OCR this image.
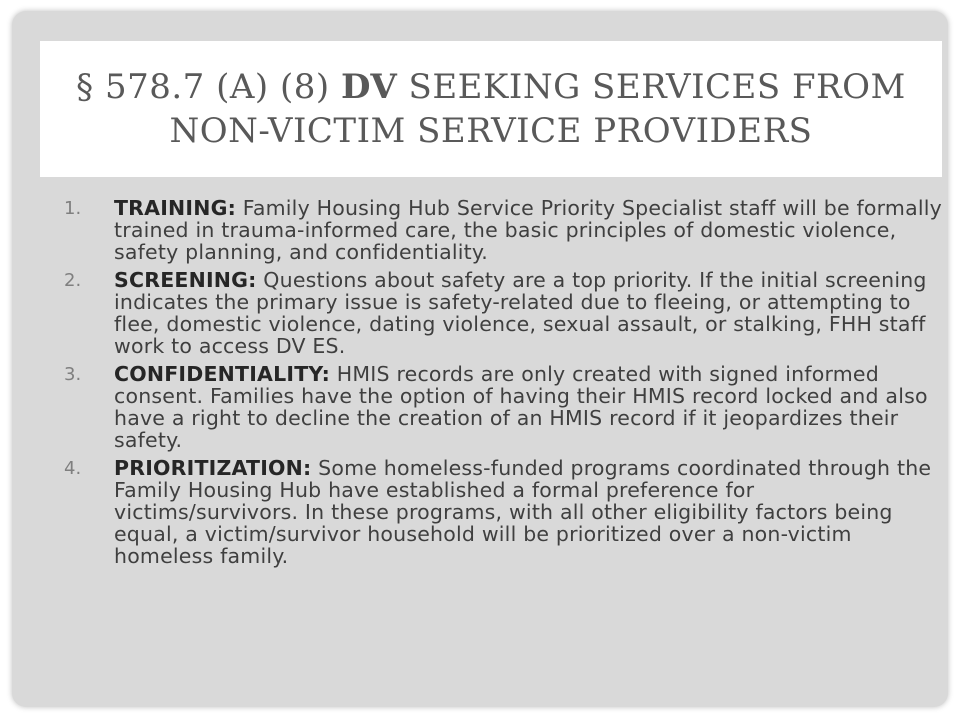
§ 578.7 (A) (8) DV SEEKING SERVICES FROM
NON-VICTIM SERVICE PROVIDERS
1. TRAINING: Family Housing Hub Service Priority Specialist staff will be formally trained in trauma-informed care, the basic principles of domestic violence, safety planning, and confidentiality.
2. SCREENING: Questions about safety are a top priority. If the initial screening indicates the primary issue is safety-related due to fleeing, or attempting to flee, domestic violence, dating violence, sexual assault, or stalking, FHH staff work to access DV ES.
3. CONFIDENTIALITY: HMIS records are only created with signed informed consent. Families have the option of having their HMIS record locked and also have a right to decline the creation of an HMIS record if it jeopardizes their safety.
4. PRIORITIZATION: Some homeless-funded programs coordinated through the Family Housing Hub have established a formal preference for victims/survivors. In these programs, with all other eligibility factors being equal, a victim/survivor household will be prioritized over a non-victim homeless family.
